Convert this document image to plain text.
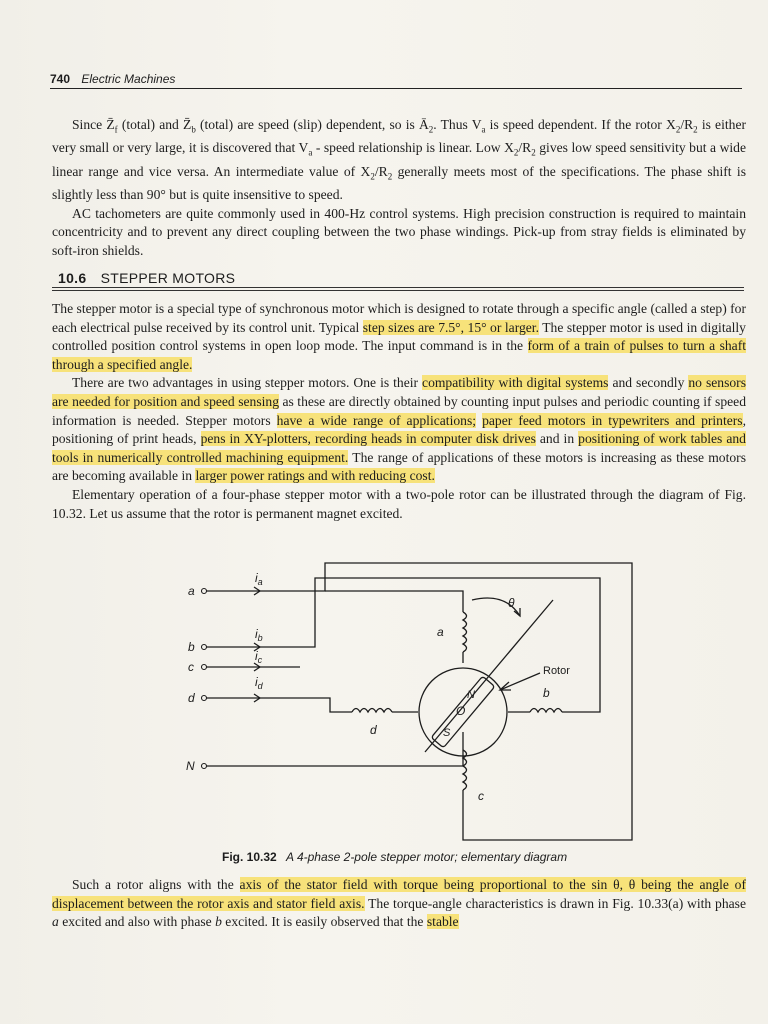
740 Electric Machines

Since $Z̄_f$ (total) and $Z̄_b$ (total) are speed (slip) dependent, so is $Ā_2$. Thus $V_a$ is speed dependent. If the rotor $X_2/R_2$ is either very small or very large, it is discovered that $V_a$ - speed relationship is linear. Low $X_2/R_2$ gives low speed sensitivity but a wide linear range and vice versa. An intermediate value of $X_2/R_2$ generally meets most of the specifications. The phase shift is slightly less than 90° but is quite insensitive to speed.

AC tachometers are quite commonly used in 400-Hz control systems. High precision construction is required to maintain concentricity and to prevent any direct coupling between the two phase windings. Pick-up from stray fields is eliminated by soft-iron shields.

10.6 STEPPER MOTORS

The stepper motor is a special type of synchronous motor which is designed to rotate through a specific angle (called a step) for each electrical pulse received by its control unit. Typical step sizes are 7.5°, 15° or larger. The stepper motor is used in digitally controlled position control systems in open loop mode. The input command is in the form of a train of pulses to turn a shaft through a specified angle.

There are two advantages in using stepper motors. One is their compatibility with digital systems and secondly no sensors are needed for position and speed sensing as these are directly obtained by counting input pulses and periodic counting if speed information is needed. Stepper motors have a wide range of applications; paper feed motors in typewriters and printers, positioning of print heads, pens in XY-plotters, recording heads in computer disk drives and in positioning of work tables and tools in numerically controlled machining equipment. The range of applications of these motors is increasing as these motors are becoming available in larger power ratings and with reducing cost.

Elementary operation of a four-phase stepper motor with a two-pole rotor can be illustrated through the diagram of Fig. 10.32. Let us assume that the rotor is permanent magnet excited.

a
b
c
d
N
$i_a$
$i_b$
$i_c$
$i_d$
a
b
c
d
θ
O
Rotor
N
S
Fig. 10.32 A 4-phase 2-pole stepper motor; elementary diagram

Such a rotor aligns with the axis of the stator field with torque being proportional to the sin θ, θ being the angle of displacement between the rotor axis and stator field axis. The torque-angle characteristics is drawn in Fig. 10.33(a) with phase a excited and also with phase b excited. It is easily observed that the stable
